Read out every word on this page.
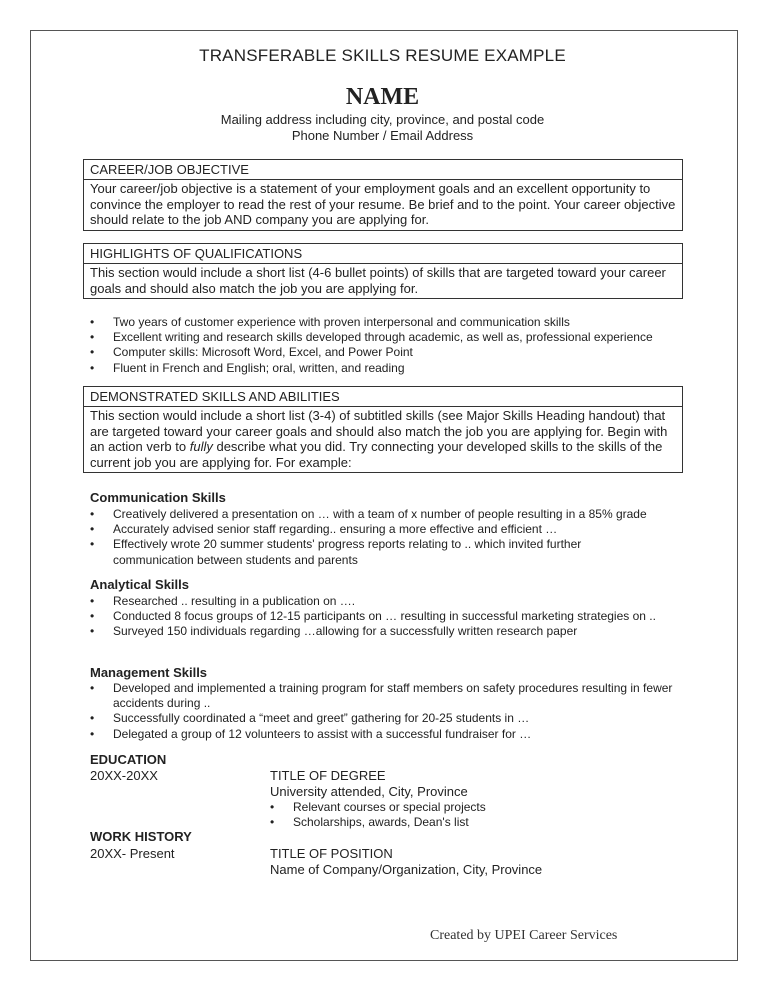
TRANSFERABLE SKILLS RESUME EXAMPLE
NAME
Mailing address including city, province, and postal code
Phone Number / Email Address
CAREER/JOB OBJECTIVE
Your career/job objective is a statement of your employment goals and an excellent opportunity to convince the employer to read the rest of your resume. Be brief and to the point. Your career objective should relate to the job AND company you are applying for.
HIGHLIGHTS OF QUALIFICATIONS
This section would include a short list (4-6 bullet points) of skills that are targeted toward your career goals and should also match the job you are applying for.
• Two years of customer experience with proven interpersonal and communication skills
• Excellent writing and research skills developed through academic, as well as, professional experience
• Computer skills: Microsoft Word, Excel, and Power Point
• Fluent in French and English; oral, written, and reading
DEMONSTRATED SKILLS AND ABILITIES
This section would include a short list (3-4) of subtitled skills (see Major Skills Heading handout) that are targeted toward your career goals and should also match the job you are applying for. Begin with an action verb to fully describe what you did. Try connecting your developed skills to the skills of the current job you are applying for. For example:
Communication Skills
• Creatively delivered a presentation on … with a team of x number of people resulting in a 85% grade
• Accurately advised senior staff regarding.. ensuring a more effective and efficient …
• Effectively wrote 20 summer students' progress reports relating to .. which invited further communication between students and parents
Analytical Skills
• Researched .. resulting in a publication on ….
• Conducted 8 focus groups of 12-15 participants on … resulting in successful marketing strategies on ..
• Surveyed 150 individuals regarding …allowing for a successfully written research paper
Management Skills
• Developed and implemented a training program for staff members on safety procedures resulting in fewer accidents during ..
• Successfully coordinated a “meet and greet” gathering for 20-25 students in …
• Delegated a group of 12 volunteers to assist with a successful fundraiser for …
EDUCATION
20XX-20XX	TITLE OF DEGREE
University attended, City, Province
• Relevant courses or special projects
• Scholarships, awards, Dean's list
WORK HISTORY
20XX- Present	TITLE OF POSITION
Name of Company/Organization, City, Province
Created by UPEI Career Services
